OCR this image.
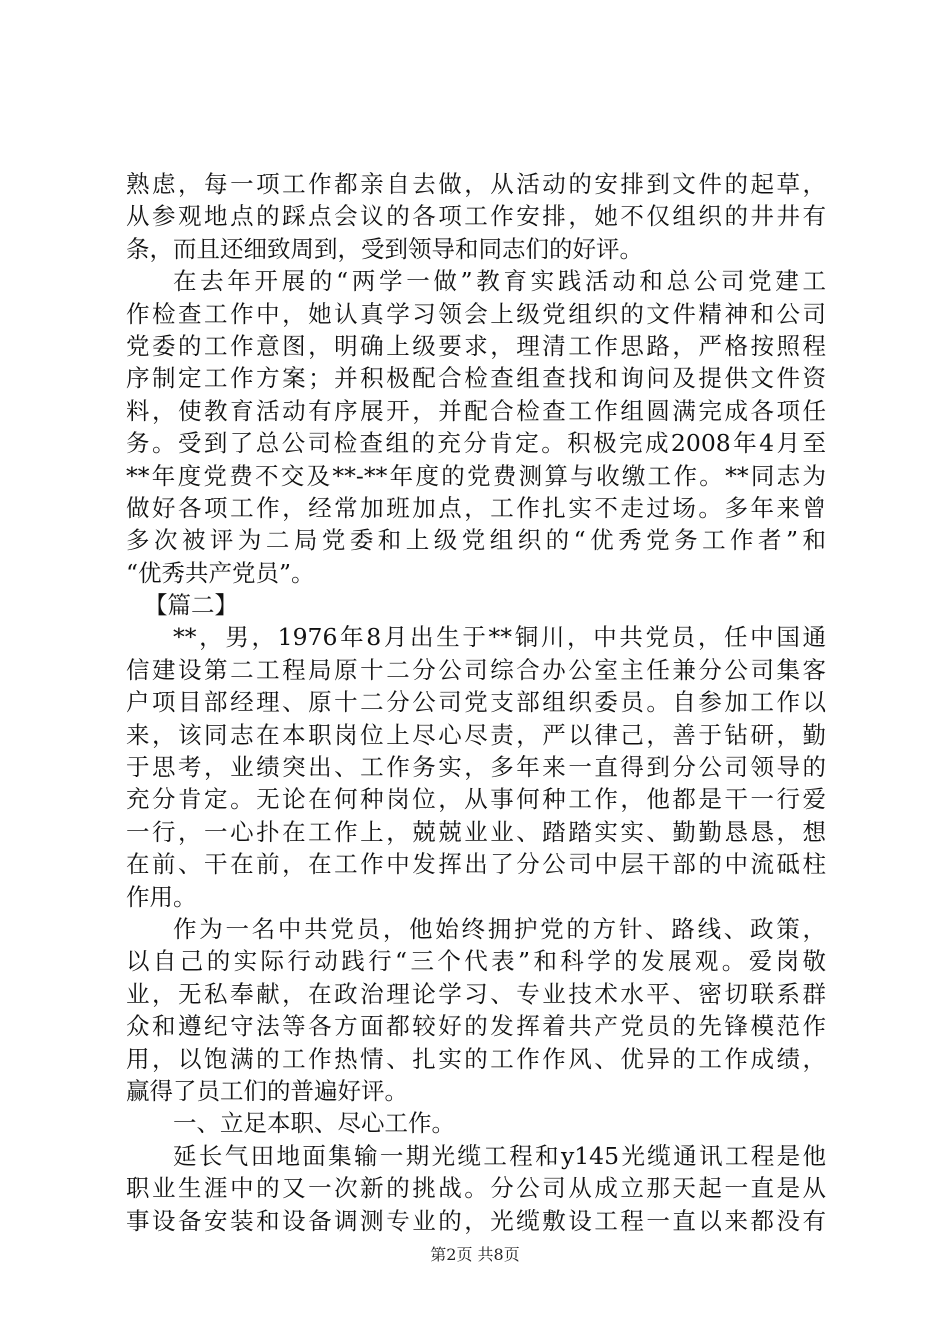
熟虑，每一项工作都亲自去做，从活动的安排到文件的起草，
从参观地点的踩点会议的各项工作安排，她不仅组织的井井有
条，而且还细致周到，受到领导和同志们的好评。
在去年开展的“两学一做”教育实践活动和总公司党建工
作检查工作中，她认真学习领会上级党组织的文件精神和公司
党委的工作意图，明确上级要求，理清工作思路，严格按照程
序制定工作方案；并积极配合检查组查找和询问及提供文件资
料，使教育活动有序展开，并配合检查工作组圆满完成各项任
务。受到了总公司检查组的充分肯定。积极完成2008年4月至
**年度党费不交及**-**年度的党费测算与收缴工作。**同志为
做好各项工作，经常加班加点，工作扎实不走过场。多年来曾
多次被评为二局党委和上级党组织的“优秀党务工作者”和
“优秀共产党员”。
【篇二】
**，男，1976年8月出生于**铜川，中共党员，任中国通
信建设第二工程局原十二分公司综合办公室主任兼分公司集客
户项目部经理、原十二分公司党支部组织委员。自参加工作以
来，该同志在本职岗位上尽心尽责，严以律己，善于钻研，勤
于思考，业绩突出、工作务实，多年来一直得到分公司领导的
充分肯定。无论在何种岗位，从事何种工作，他都是干一行爱
一行，一心扑在工作上，兢兢业业、踏踏实实、勤勤恳恳，想
在前、干在前，在工作中发挥出了分公司中层干部的中流砥柱
作用。
作为一名中共党员，他始终拥护党的方针、路线、政策，
以自己的实际行动践行“三个代表”和科学的发展观。爱岗敬
业，无私奉献，在政治理论学习、专业技术水平、密切联系群
众和遵纪守法等各方面都较好的发挥着共产党员的先锋模范作
用，以饱满的工作热情、扎实的工作作风、优异的工作成绩，
赢得了员工们的普遍好评。
一、立足本职、尽心工作。
延长气田地面集输一期光缆工程和y145光缆通讯工程是他
职业生涯中的又一次新的挑战。分公司从成立那天起一直是从
事设备安装和设备调测专业的，光缆敷设工程一直以来都没有
第2页 共8页
